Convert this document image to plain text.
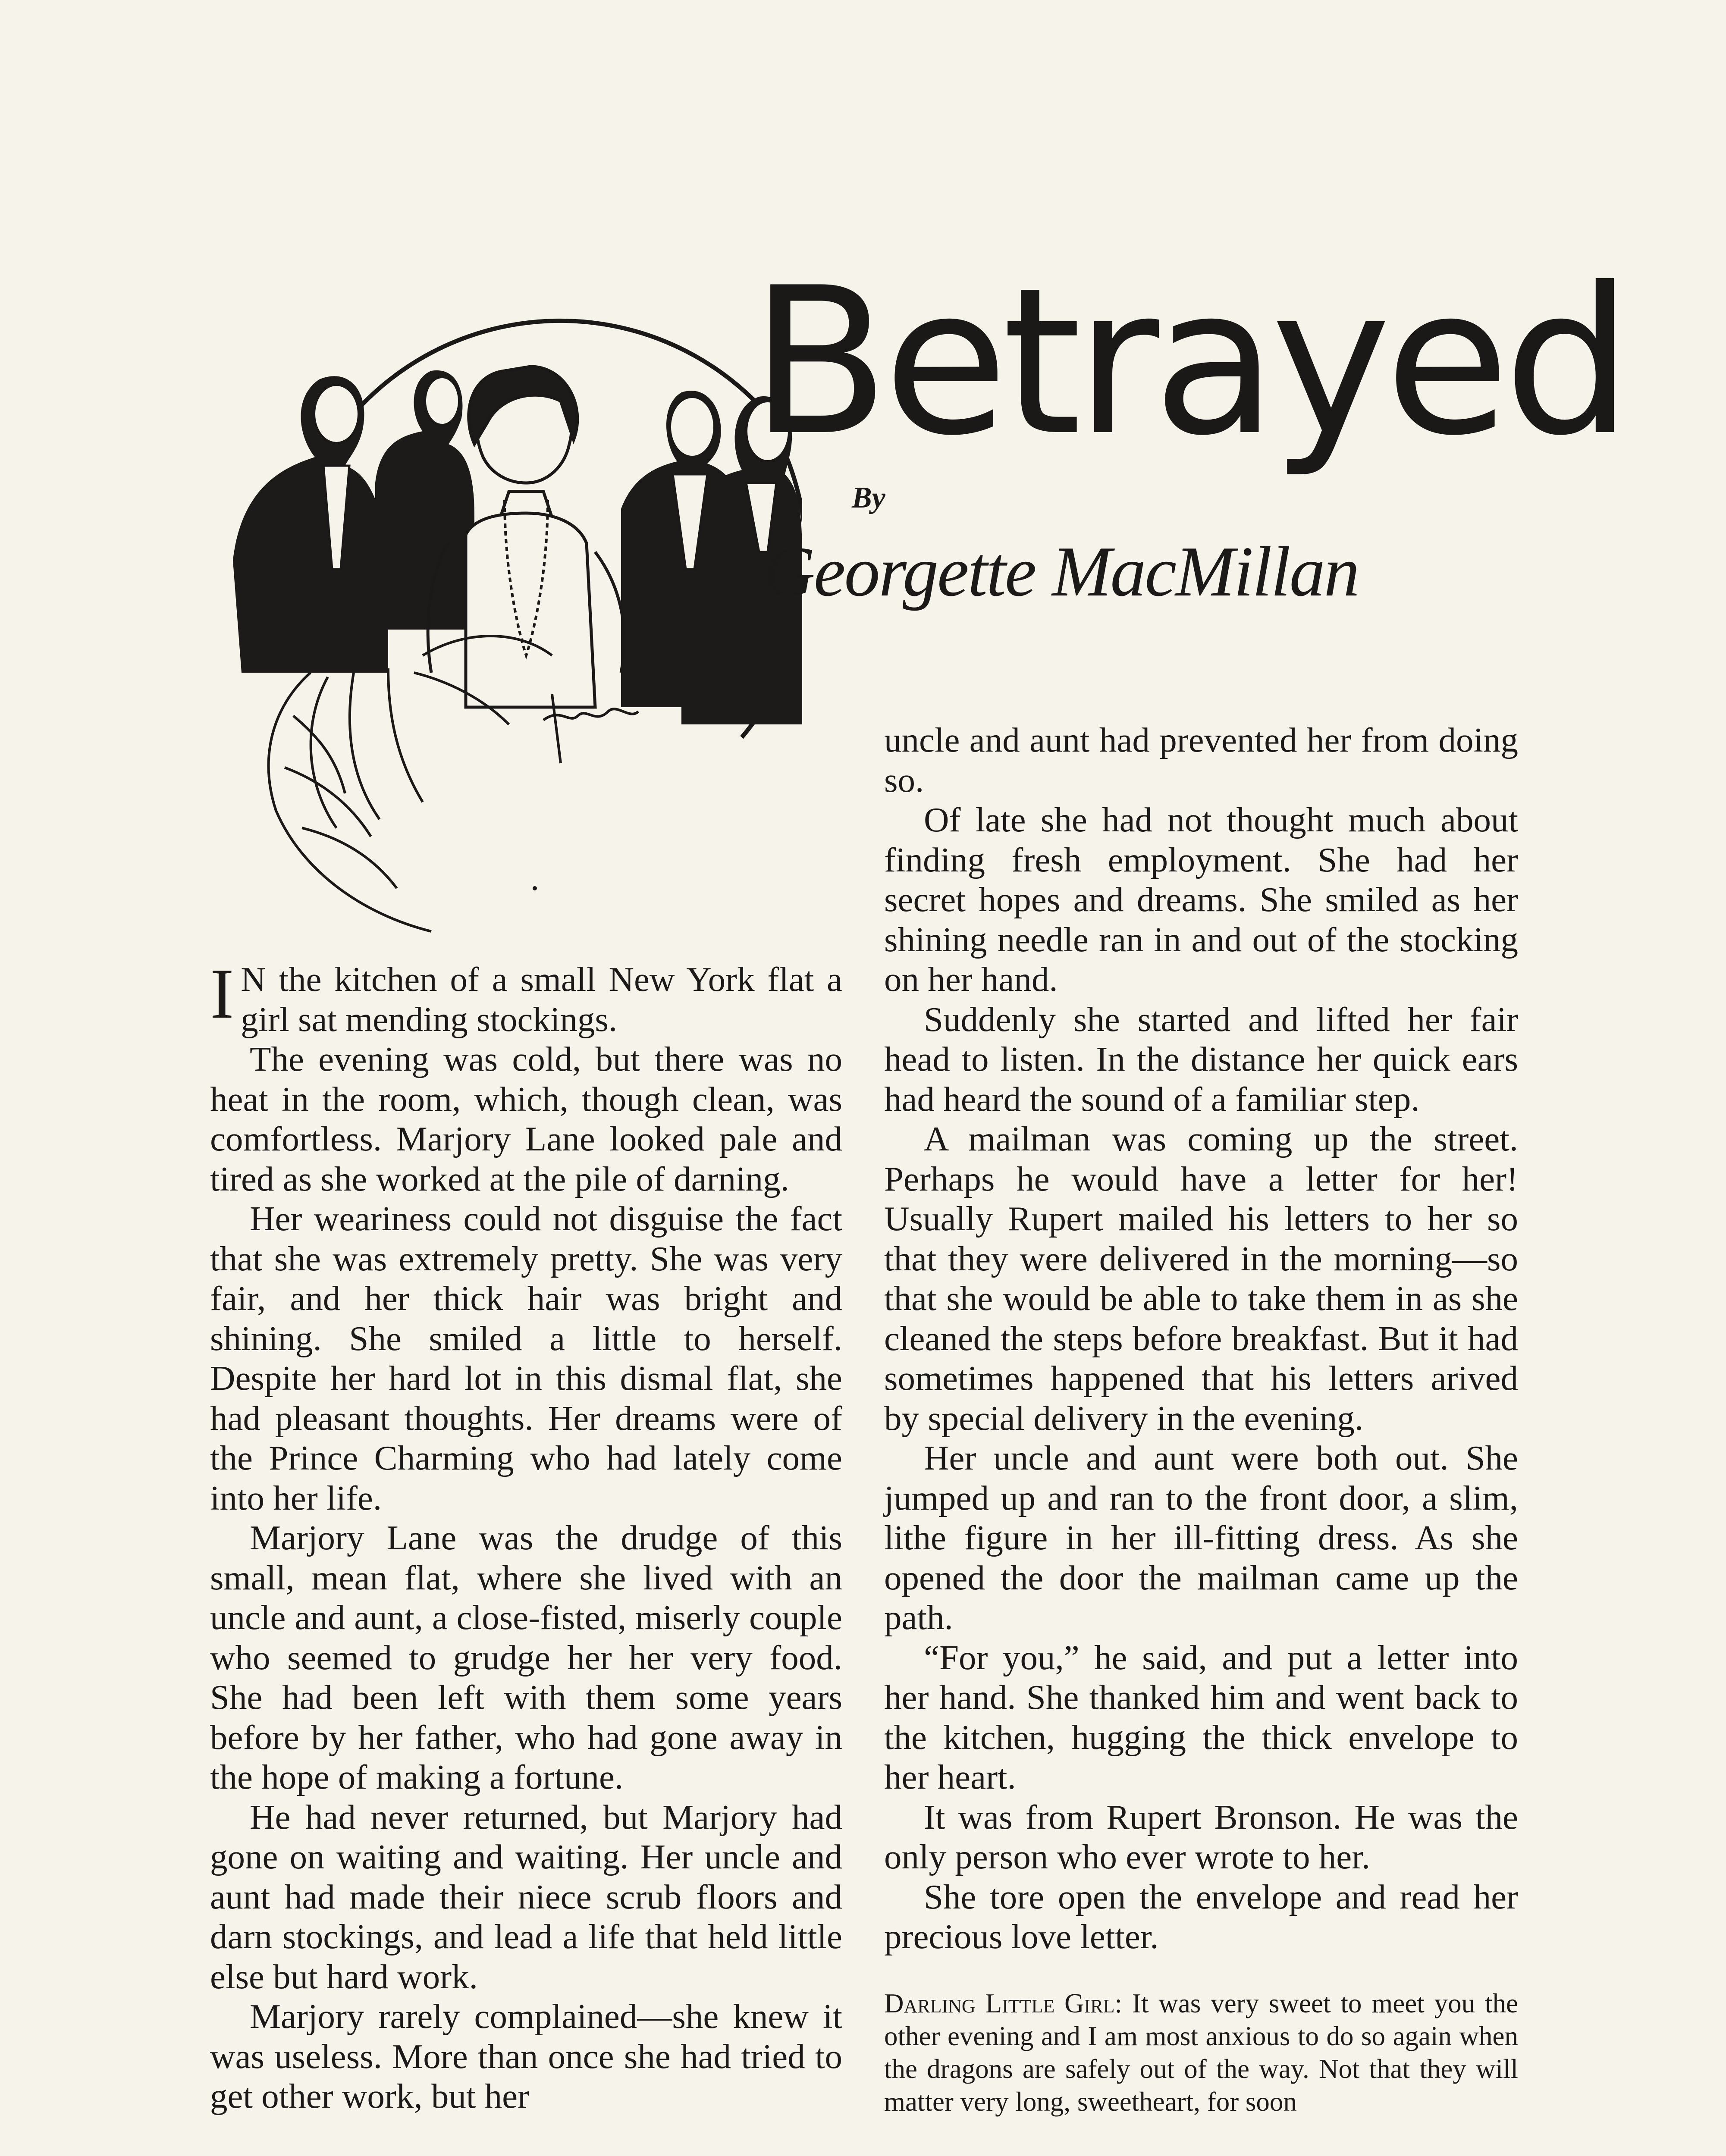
Betrayed
By
Georgette MacMillan

I N the kitchen of a small New York flat a girl sat mending stockings.

The evening was cold, but there was no heat in the room, which, though clean, was comfortless. Marjory Lane looked pale and tired as she worked at the pile of darning.

Her weariness could not disguise the fact that she was extremely pretty. She was very fair, and her thick hair was bright and shining. She smiled a little to herself. Despite her hard lot in this dismal flat, she had pleasant thoughts. Her dreams were of the Prince Charming who had lately come into her life.

Marjory Lane was the drudge of this small, mean flat, where she lived with an uncle and aunt, a close-fisted, miserly couple who seemed to grudge her her very food. She had been left with them some years before by her father, who had gone away in the hope of making a fortune.

He had never returned, but Marjory had gone on waiting and waiting. Her uncle and aunt had made their niece scrub floors and darn stockings, and lead a life that held little else but hard work.

Marjory rarely complained—she knew it was useless. More than once she had tried to get other work, but her

uncle and aunt had prevented her from doing so.

Of late she had not thought much about finding fresh employment. She had her secret hopes and dreams. She smiled as her shining needle ran in and out of the stocking on her hand.

Suddenly she started and lifted her fair head to listen. In the distance her quick ears had heard the sound of a familiar step.

A mailman was coming up the street. Perhaps he would have a letter for her! Usually Rupert mailed his letters to her so that they were delivered in the morning—so that she would be able to take them in as she cleaned the steps before breakfast. But it had sometimes happened that his letters arived by special delivery in the evening.

Her uncle and aunt were both out. She jumped up and ran to the front door, a slim, lithe figure in her ill-fitting dress. As she opened the door the mailman came up the path.

“For you,” he said, and put a letter into her hand. She thanked him and went back to the kitchen, hugging the thick envelope to her heart.

It was from Rupert Bronson. He was the only person who ever wrote to her.

She tore open the envelope and read her precious love letter.

Darling Little Girl: It was very sweet to meet you the other evening and I am most anxious to do so again when the dragons are safely out of the way. Not that they will matter very long, sweetheart, for soon
